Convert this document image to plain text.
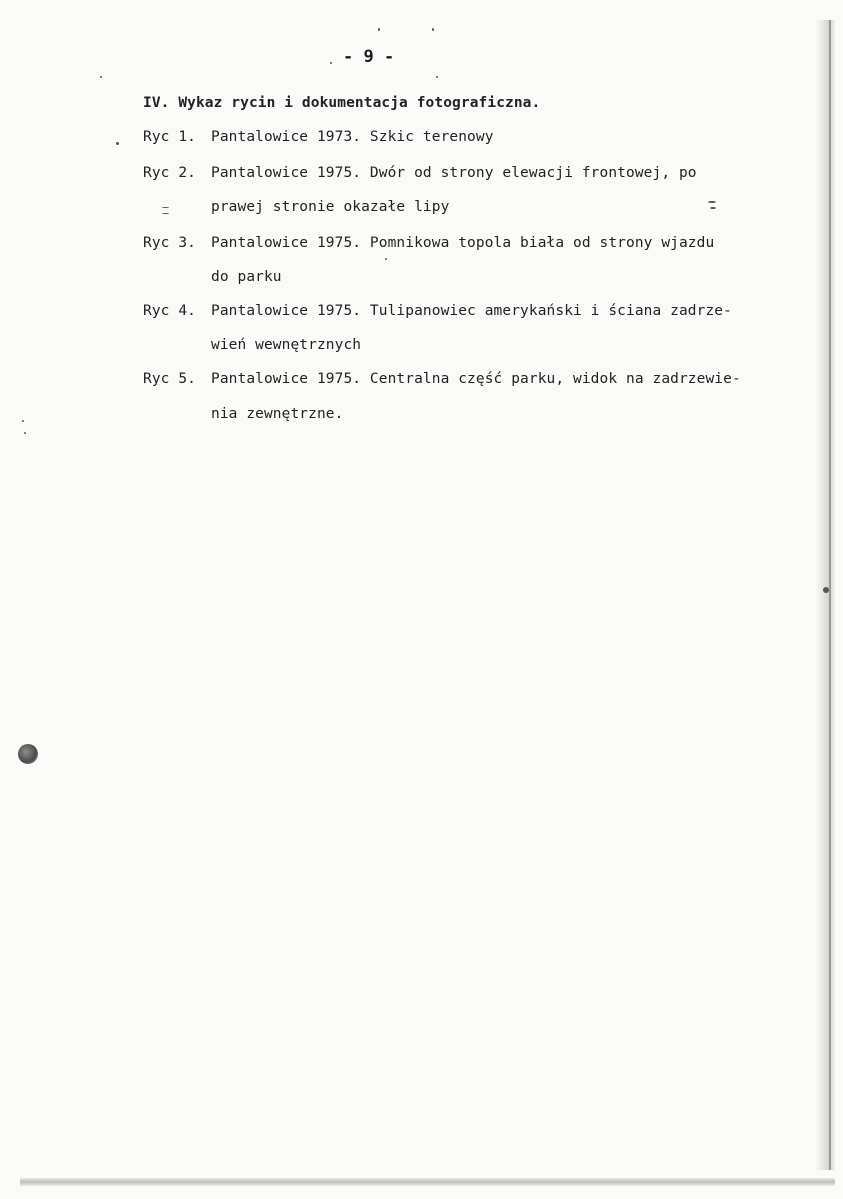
- 9 -
IV. Wykaz rycin i dokumentacja fotograficzna.
Ryc 1. Pantalowice 1973. Szkic terenowy
Ryc 2. Pantalowice 1975. Dwór od strony elewacji frontowej, po
prawej stronie okazałe lipy
Ryc 3. Pantalowice 1975. Pomnikowa topola biała od strony wjazdu
do parku
Ryc 4. Pantalowice 1975. Tulipanowiec amerykański i ściana zadrze-
wień wewnętrznych
Ryc 5. Pantalowice 1975. Centralna część parku, widok na zadrzewie-
nia zewnętrzne.
